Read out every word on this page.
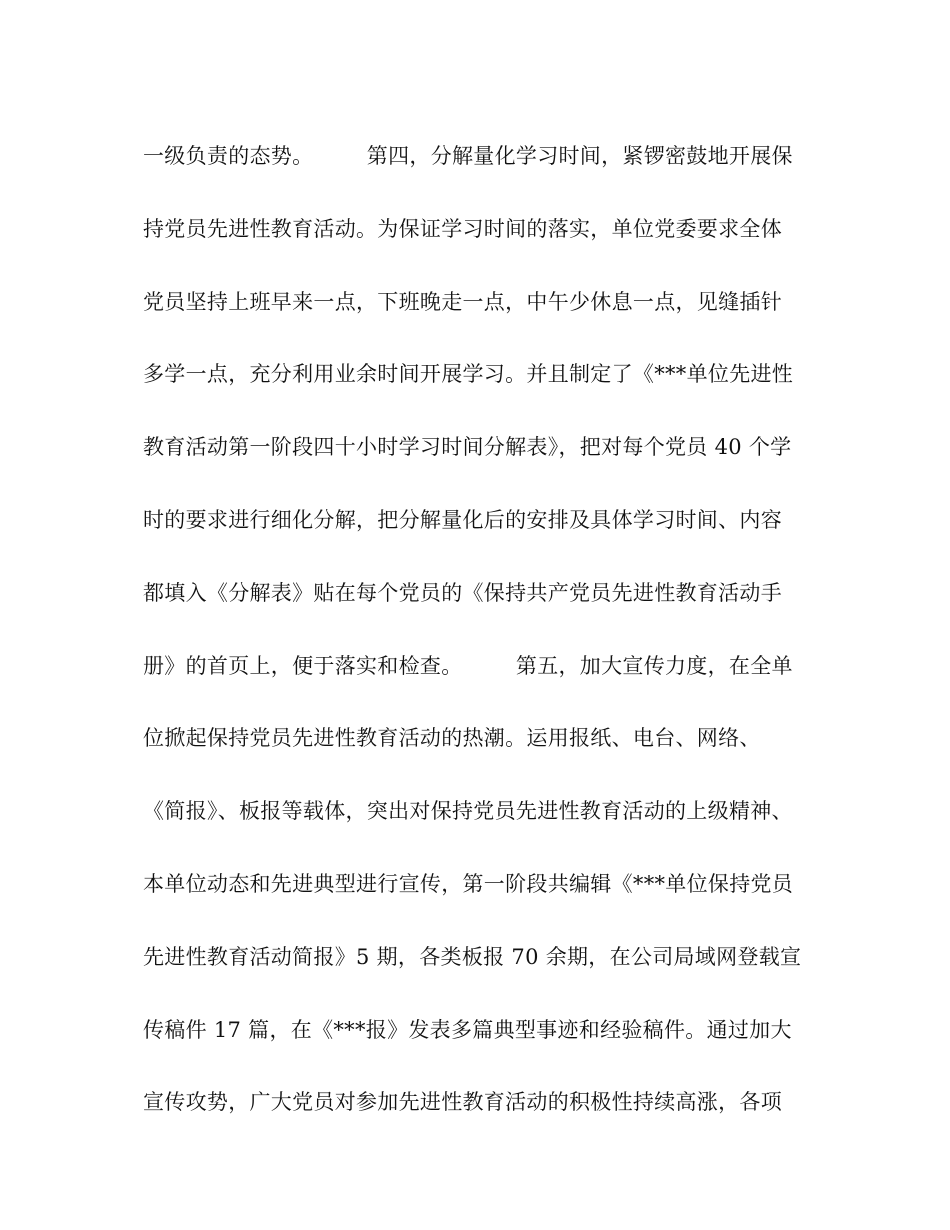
一级负责的态势。　　　第四，分解量化学习时间，紧锣密鼓地开展保
持党员先进性教育活动。为保证学习时间的落实，单位党委要求全体
党员坚持上班早来一点，下班晚走一点，中午少休息一点，见缝插针
多学一点，充分利用业余时间开展学习。并且制定了《***单位先进性
教育活动第一阶段四十小时学习时间分解表》，把对每个党员 40 个学
时的要求进行细化分解，把分解量化后的安排及具体学习时间、内容
都填入《分解表》贴在每个党员的《保持共产党员先进性教育活动手
册》的首页上，便于落实和检查。　　　第五，加大宣传力度，在全单
位掀起保持党员先进性教育活动的热潮。运用报纸、电台、网络、
《简报》、板报等载体，突出对保持党员先进性教育活动的上级精神、
本单位动态和先进典型进行宣传，第一阶段共编辑《***单位保持党员
先进性教育活动简报》5 期，各类板报 70 余期，在公司局域网登载宣
传稿件 17 篇，在《***报》发表多篇典型事迹和经验稿件。通过加大
宣传攻势，广大党员对参加先进性教育活动的积极性持续高涨，各项
